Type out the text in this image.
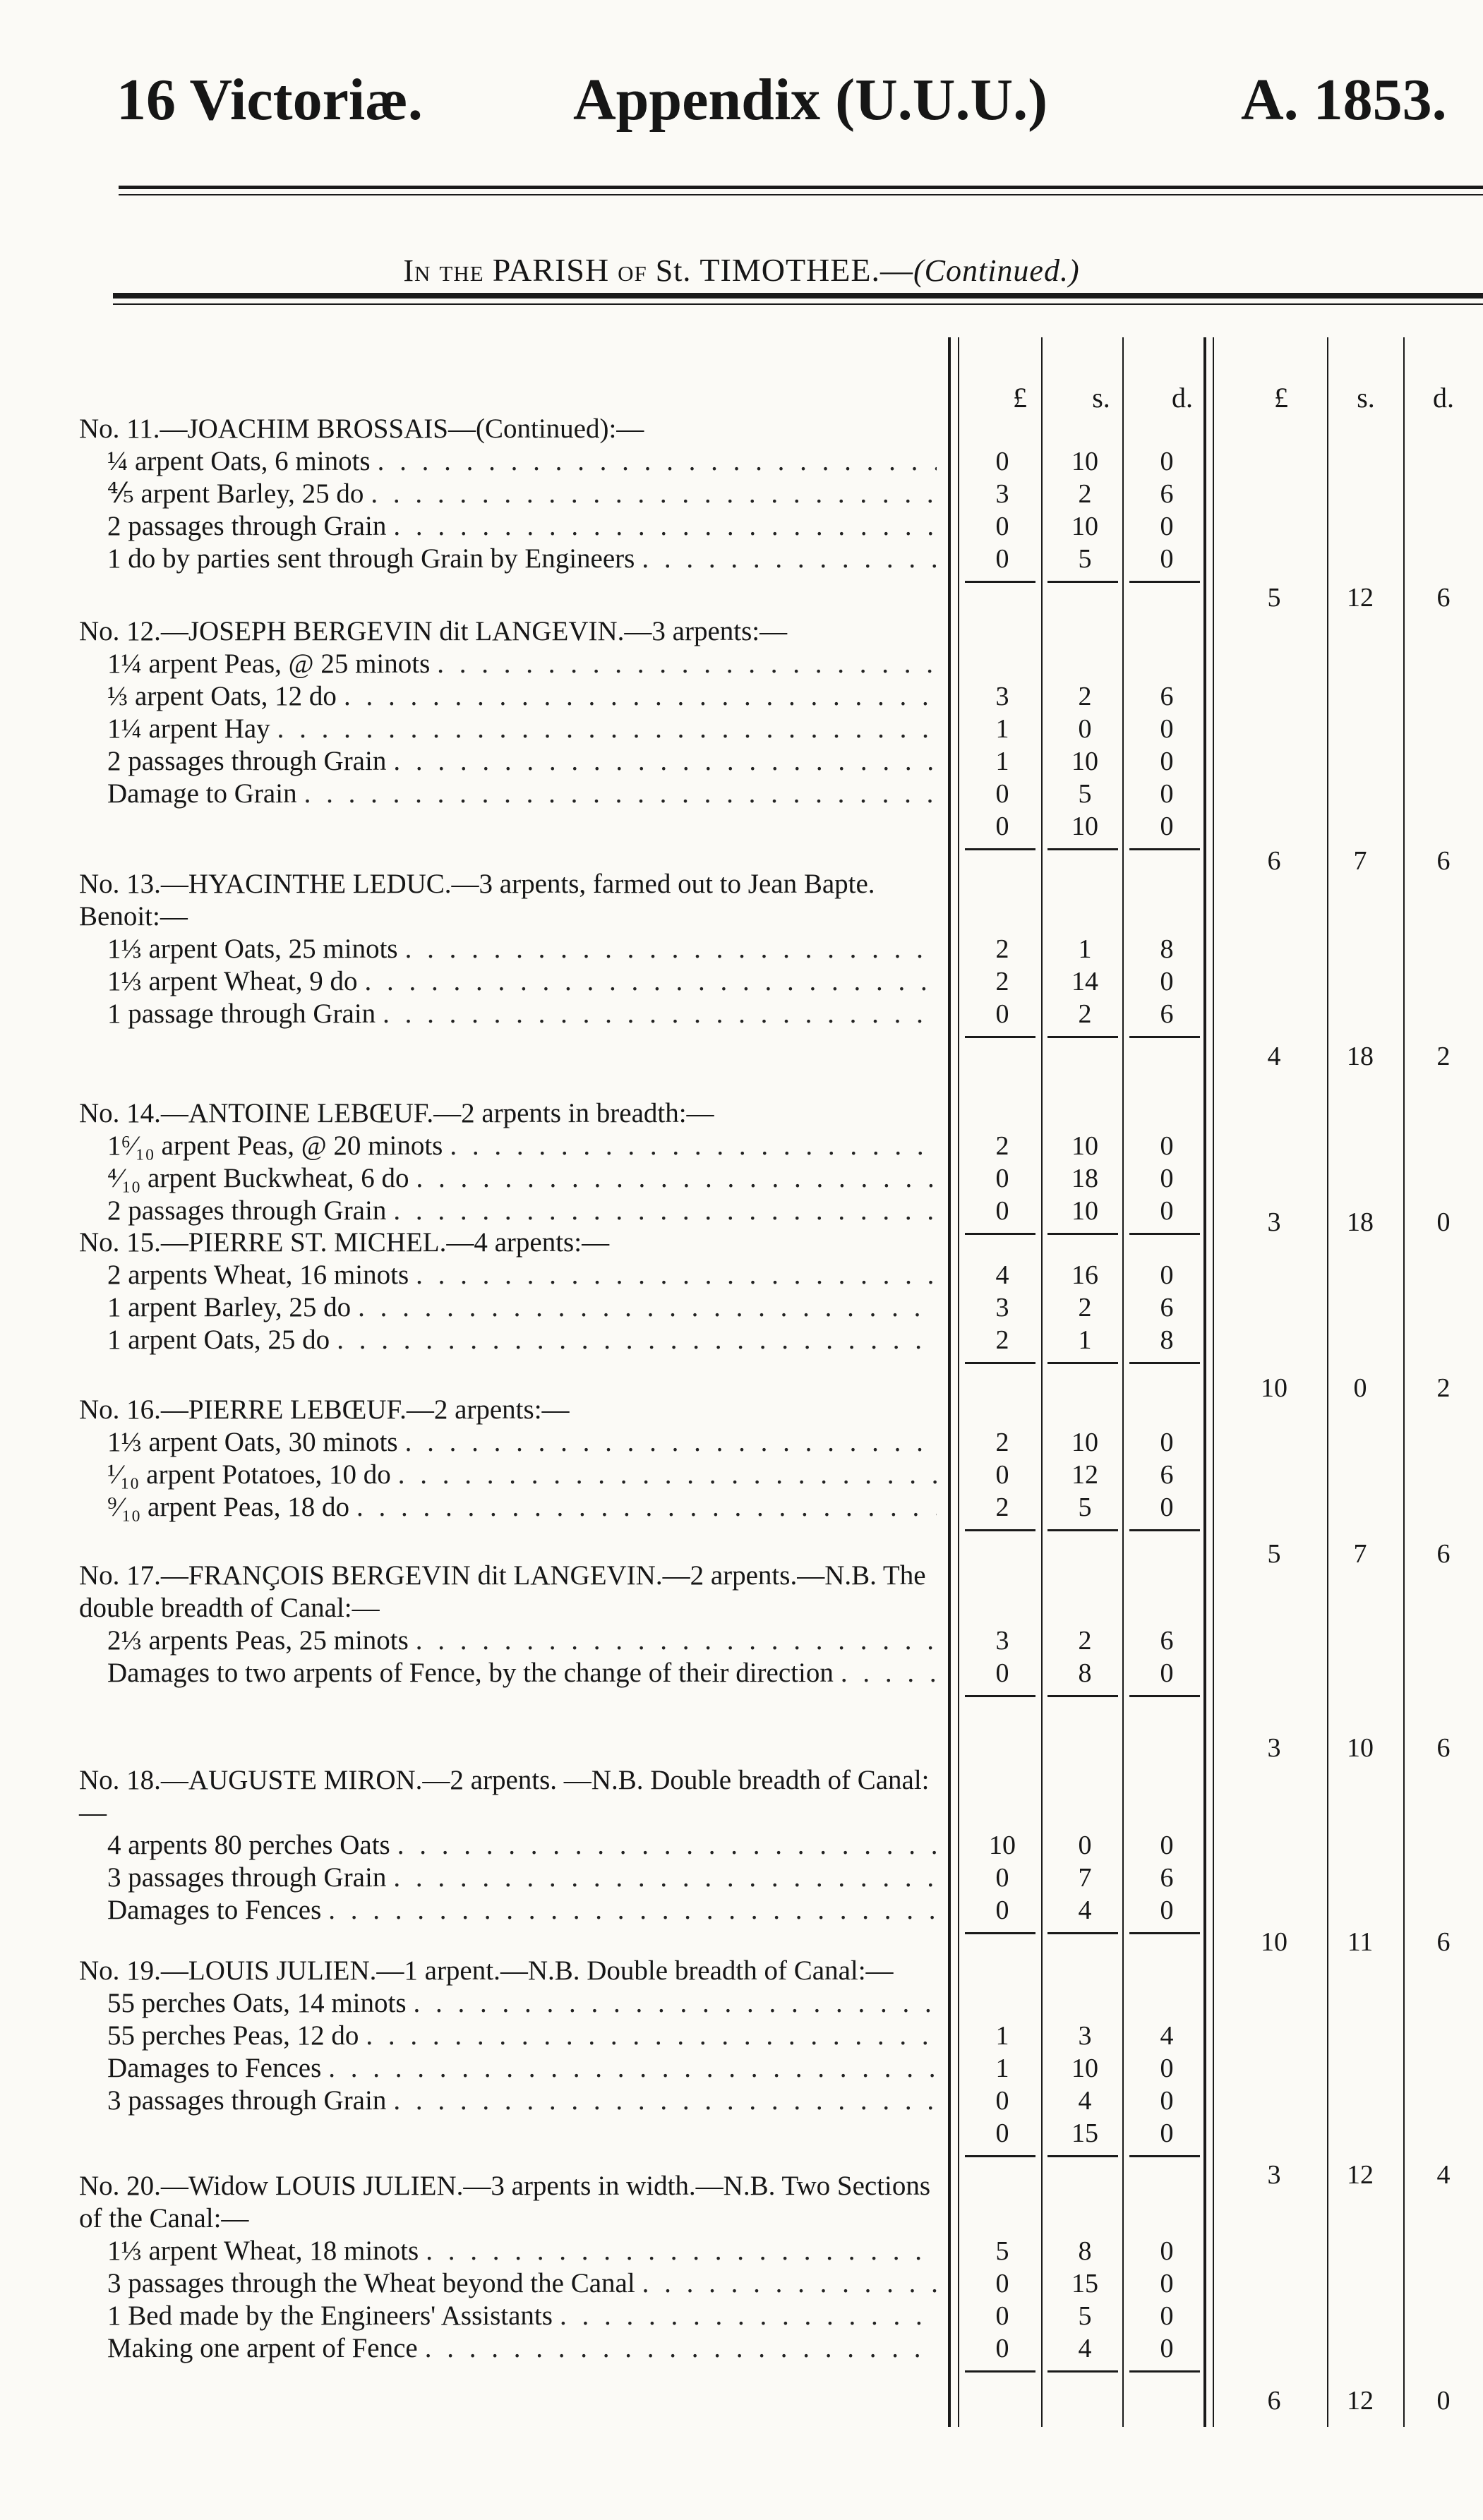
16 Victoriæ.	Appendix (U.U.U.)	A. 1853.
In the PARISH of St. TIMOTHEE.—(Continued.)
£	s.	d.	£	s.	d.
0	10	0
3	2	6
0	10	0
0	5	0
No. 11.—JOACHIM BROSSAIS—(Continued):—
¼ arpent Oats, 6 minots
. . .
⅘ arpent Barley, 25 do
. . .
2 passages through Grain
. . .
1 do by parties sent through Grain by Engineers
. . .
5	12	6
3	2	6
1	0	0
1	10	0
0	5	0
0	10	0
No. 12.—JOSEPH BERGEVIN dit LANGEVIN.—3 arpents:—
1¼ arpent Peas, @ 25 minots
. . .
⅓ arpent Oats, 12 do
. . .
1¼ arpent Hay
. . .
2 passages through Grain
. . .
Damage to Grain
. . .
6	7	6
2	1	8
2	14	0
0	2	6
No. 13.—HYACINTHE LEDUC.—3 arpents, farmed out to Jean Bapte. Benoit:—
1⅓ arpent Oats, 25 minots
. . .
1⅓ arpent Wheat, 9 do
. . .
1 passage through Grain
. . .
4	18	2
2	10	0
0	18	0
0	10	0
No. 14.—ANTOINE LEBŒUF.—2 arpents in breadth:—
1⁶⁄₁₀ arpent Peas, @ 20 minots
. . .
⁴⁄₁₀ arpent Buckwheat, 6 do
. . .
2 passages through Grain
. . .	3	18	0
4	16	0
3	2	6
2	1	8
No. 15.—PIERRE ST. MICHEL.—4 arpents:—
2 arpents Wheat, 16 minots
. . .
1 arpent Barley, 25 do
. . .
1 arpent Oats, 25 do
. . .
10	0	2
2	10	0
0	12	6
2	5	0
No. 16.—PIERRE LEBŒUF.—2 arpents:—
1⅓ arpent Oats, 30 minots
. . .
¹⁄₁₀ arpent Potatoes, 10 do
. . .
⁹⁄₁₀ arpent Peas, 18 do
. . .
5	7	6
3	2	6
0	8	0
No. 17.—FRANÇOIS BERGEVIN dit LANGEVIN.—2 arpents.—N.B. The double breadth of Canal:—
2⅓ arpents Peas, 25 minots
. . .
Damages to two arpents of Fence, by the change of their direction
. . .
3	10	6
10	0	0
0	7	6
0	4	0
No. 18.—AUGUSTE MIRON.—2 arpents. —N.B. Double breadth of Canal:—
4 arpents 80 perches Oats
. . .
3 passages through Grain
. . .
Damages to Fences
. . .
10	11	6
1	3	4
1	10	0
0	4	0
0	15	0
No. 19.—LOUIS JULIEN.—1 arpent.—N.B. Double breadth of Canal:—
55 perches Oats, 14 minots
. . .
55 perches Peas, 12 do
. . .
Damages to Fences
. . .
3 passages through Grain
. . .
3	12	4
5	8	0
0	15	0
0	5	0
0	4	0
No. 20.—Widow LOUIS JULIEN.—3 arpents in width.—N.B. Two Sections of the Canal:—
1⅓ arpent Wheat, 18 minots
. . .
3 passages through the Wheat beyond the Canal
. . .
1 Bed made by the Engineers' Assistants
. . .
Making one arpent of Fence
. . .
6	12	0
